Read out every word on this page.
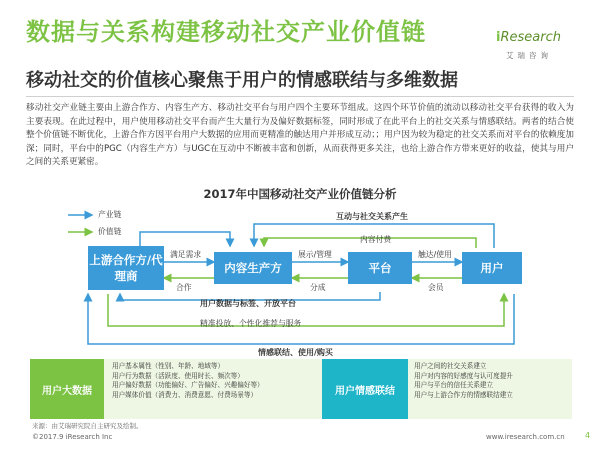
数据与关系构建移动社交产业价值链	iResearch
艾瑞咨询
移动社交的价值核心聚焦于用户的情感联结与多维数据
移动社交产业链主要由上游合作方、内容生产方、移动社交平台与用户四个主要环节组成。这四个环节价值的流动以移动社交平台获得的收入为主要表现。在此过程中，用户使用移动社交平台而产生大量行为及偏好数据标签，同时形成了在此平台上的社交关系与情感联结。两者的结合使整个价值链不断优化，上游合作方因平台用户大数据的应用而更精准的触达用户并形成互动；；用户因为较为稳定的社交关系而对平台的依赖度加深；同时，平台中的PGC（内容生产方）与UGC在互动中不断被丰富和创新，从而获得更多关注，也给上游合作方带来更好的收益，使其与用户之间的关系更紧密。
2017年中国移动社交产业价值链分析
产业链
价值链
上游合作方/代理商
内容生产方	平台	用户
互动与社交关系产生
内容付费
满足需求	展示/管理	触达/使用
合作	分成	会员
用户数据与标签、开放平台
精准投放、个性化推荐与服务
情感联结、使用/购买
用户大数据
用户基本属性（性别、年龄、地域等）
用户行为数据（活跃度、使用时长、频次等）
用户偏好数据（功能偏好、广告偏好、兴趣偏好等）
用户媒体价值（消费力、消费意愿、付费场景等）	用户情感联结
用户之间的社交关系建立
用户对内容的好感度与认可度提升
用户与平台的信任关系建立
用户与上游合作方的情感联结建立
来源：由艾瑞研究院自主研究及绘制。
©2017.9 iResearch Inc	www.iresearch.com.cn	4
